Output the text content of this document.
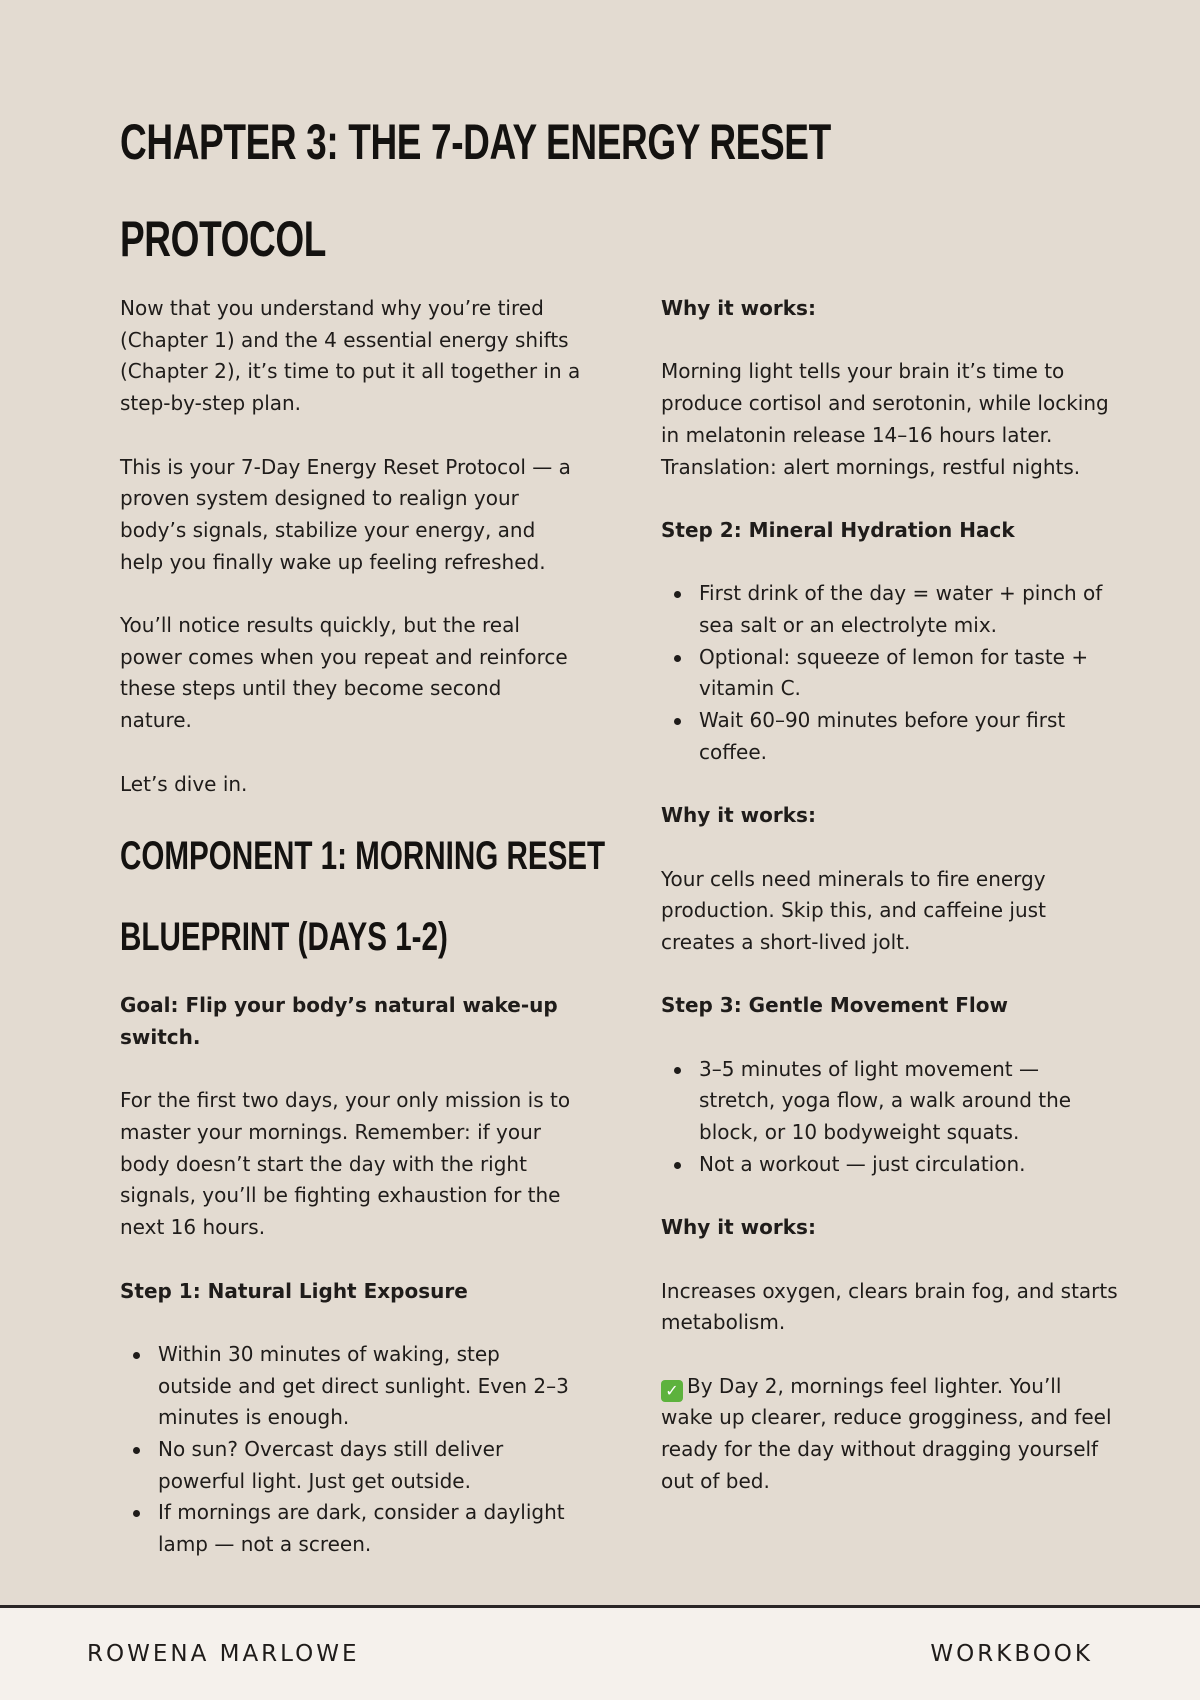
CHAPTER 3: THE 7-DAY ENERGY RESET
PROTOCOL

Now that you understand why you’re tired
(Chapter 1) and the 4 essential energy shifts
(Chapter 2), it’s time to put it all together in a
step-by-step plan.

This is your 7-Day Energy Reset Protocol — a
proven system designed to realign your
body’s signals, stabilize your energy, and
help you finally wake up feeling refreshed.

You’ll notice results quickly, but the real
power comes when you repeat and reinforce
these steps until they become second
nature.

Let’s dive in.

COMPONENT 1: MORNING RESET
BLUEPRINT (DAYS 1-2)

Goal: Flip your body’s natural wake-up
switch.

For the first two days, your only mission is to
master your mornings. Remember: if your
body doesn’t start the day with the right
signals, you’ll be fighting exhaustion for the
next 16 hours.

Step 1: Natural Light Exposure

Within 30 minutes of waking, step
outside and get direct sunlight. Even 2–3
minutes is enough.
No sun? Overcast days still deliver
powerful light. Just get outside.
If mornings are dark, consider a daylight
lamp — not a screen.

Why it works:

Morning light tells your brain it’s time to
produce cortisol and serotonin, while locking
in melatonin release 14–16 hours later.
Translation: alert mornings, restful nights.

Step 2: Mineral Hydration Hack

First drink of the day = water + pinch of
sea salt or an electrolyte mix.
Optional: squeeze of lemon for taste +
vitamin C.
Wait 60–90 minutes before your first
coffee.

Why it works:

Your cells need minerals to fire energy
production. Skip this, and caffeine just
creates a short-lived jolt.

Step 3: Gentle Movement Flow

3–5 minutes of light movement —
stretch, yoga flow, a walk around the
block, or 10 bodyweight squats.
Not a workout — just circulation.

Why it works:

Increases oxygen, clears brain fog, and starts
metabolism.

✓ By Day 2, mornings feel lighter. You’ll
wake up clearer, reduce grogginess, and feel
ready for the day without dragging yourself
out of bed.

ROWENA MARLOWE	WORKBOOK
